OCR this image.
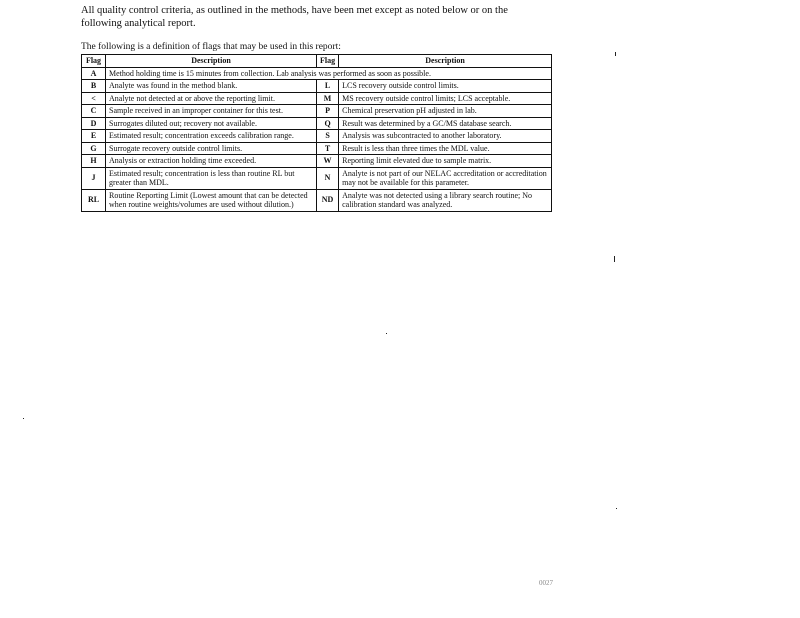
All quality control criteria, as outlined in the methods, have been met except as noted below or on the following analytical report.
The following is a definition of flags that may be used in this report:
Flag	Description	Flag	Description
A	Method holding time is 15 minutes from collection. Lab analysis was performed as soon as possible.		
B	Analyte was found in the method blank.	L	LCS recovery outside control limits.
<	Analyte not detected at or above the reporting limit.	M	MS recovery outside control limits; LCS acceptable.
C	Sample received in an improper container for this test.	P	Chemical preservation pH adjusted in lab.
D	Surrogates diluted out; recovery not available.	Q	Result was determined by a GC/MS database search.
E	Estimated result; concentration exceeds calibration range.	S	Analysis was subcontracted to another laboratory.
G	Surrogate recovery outside control limits.	T	Result is less than three times the MDL value.
H	Analysis or extraction holding time exceeded.	W	Reporting limit elevated due to sample matrix.
J	Estimated result; concentration is less than routine RL but greater than MDL.	N	Analyte is not part of our NELAC accreditation or accreditation may not be available for this parameter.
RL	Routine Reporting Limit (Lowest amount that can be detected when routine weights/volumes are used without dilution.)	ND	Analyte was not detected using a library search routine; No calibration standard was analyzed.
0027
